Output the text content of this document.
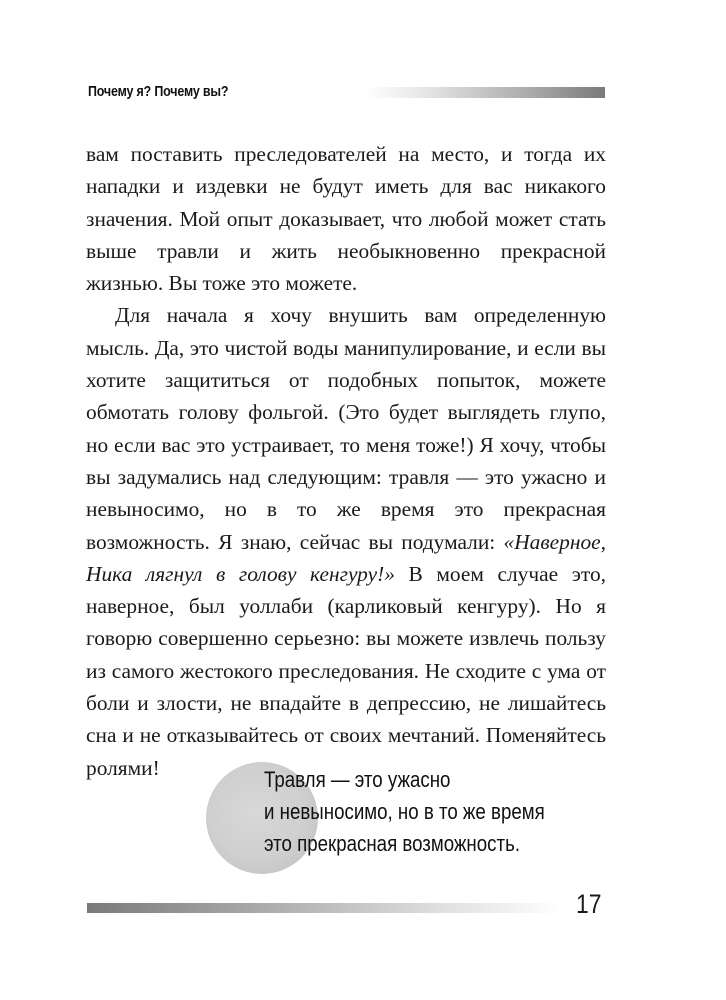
Почему я? Почему вы?

вам поставить преследователей на место, и тогда их нападки и издевки не будут иметь для вас никакого значения. Мой опыт доказывает, что любой может стать выше травли и жить необыкновенно прекрасной жизнью. Вы тоже это можете.

Для начала я хочу внушить вам определенную мысль. Да, это чистой воды манипулирование, и если вы хотите защититься от подобных попыток, можете обмотать голову фольгой. (Это будет выглядеть глупо, но если вас это устраивает, то меня тоже!) Я хочу, чтобы вы задумались над следующим: травля — это ужасно и невыносимо, но в то же время это прекрасная возможность. Я знаю, сейчас вы подумали: «Наверное, Ника лягнул в голову кенгуру!» В моем случае это, наверное, был уоллаби (карликовый кенгуру). Но я говорю совершенно серьезно: вы можете извлечь пользу из самого жестокого преследования. Не сходите с ума от боли и злости, не впадайте в депрессию, не лишайтесь сна и не отказывайтесь от своих мечтаний. Поменяйтесь ролями!	Травля — это ужасно
и невыносимо, но в то же время
это прекрасная возможность.
17
